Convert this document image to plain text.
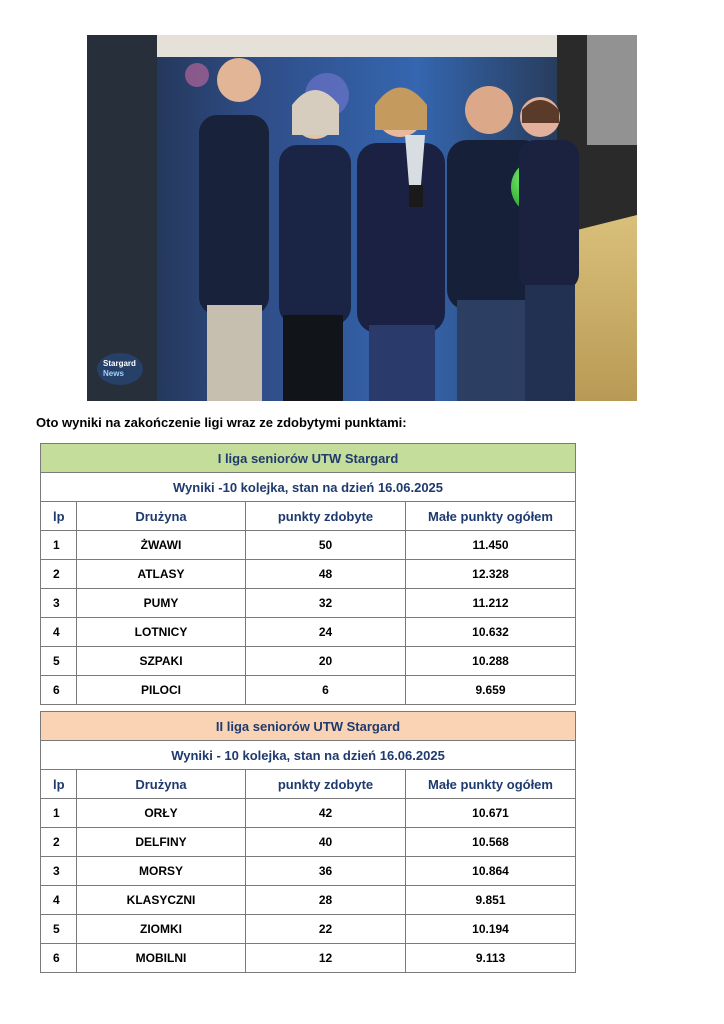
Stargard
News
Oto wyniki na zakończenie ligi wraz ze zdobytymi punktami:
I liga seniorów UTW Stargard			
Wyniki -10 kolejka, stan na dzień 16.06.2025			
lp	Drużyna	punkty zdobyte	Małe punkty ogółem
1	ŻWAWI	50	11.450
2	ATLASY	48	12.328
3	PUMY	32	11.212
4	LOTNICY	24	10.632
5	SZPAKI	20	10.288
6	PILOCI	6	9.659
II liga seniorów UTW Stargard			
Wyniki - 10 kolejka, stan na dzień 16.06.2025			
lp	Drużyna	punkty zdobyte	Małe punkty ogółem
1	ORŁY	42	10.671
2	DELFINY	40	10.568
3	MORSY	36	10.864
4	KLASYCZNI	28	9.851
5	ZIOMKI	22	10.194
6	MOBILNI	12	9.113
